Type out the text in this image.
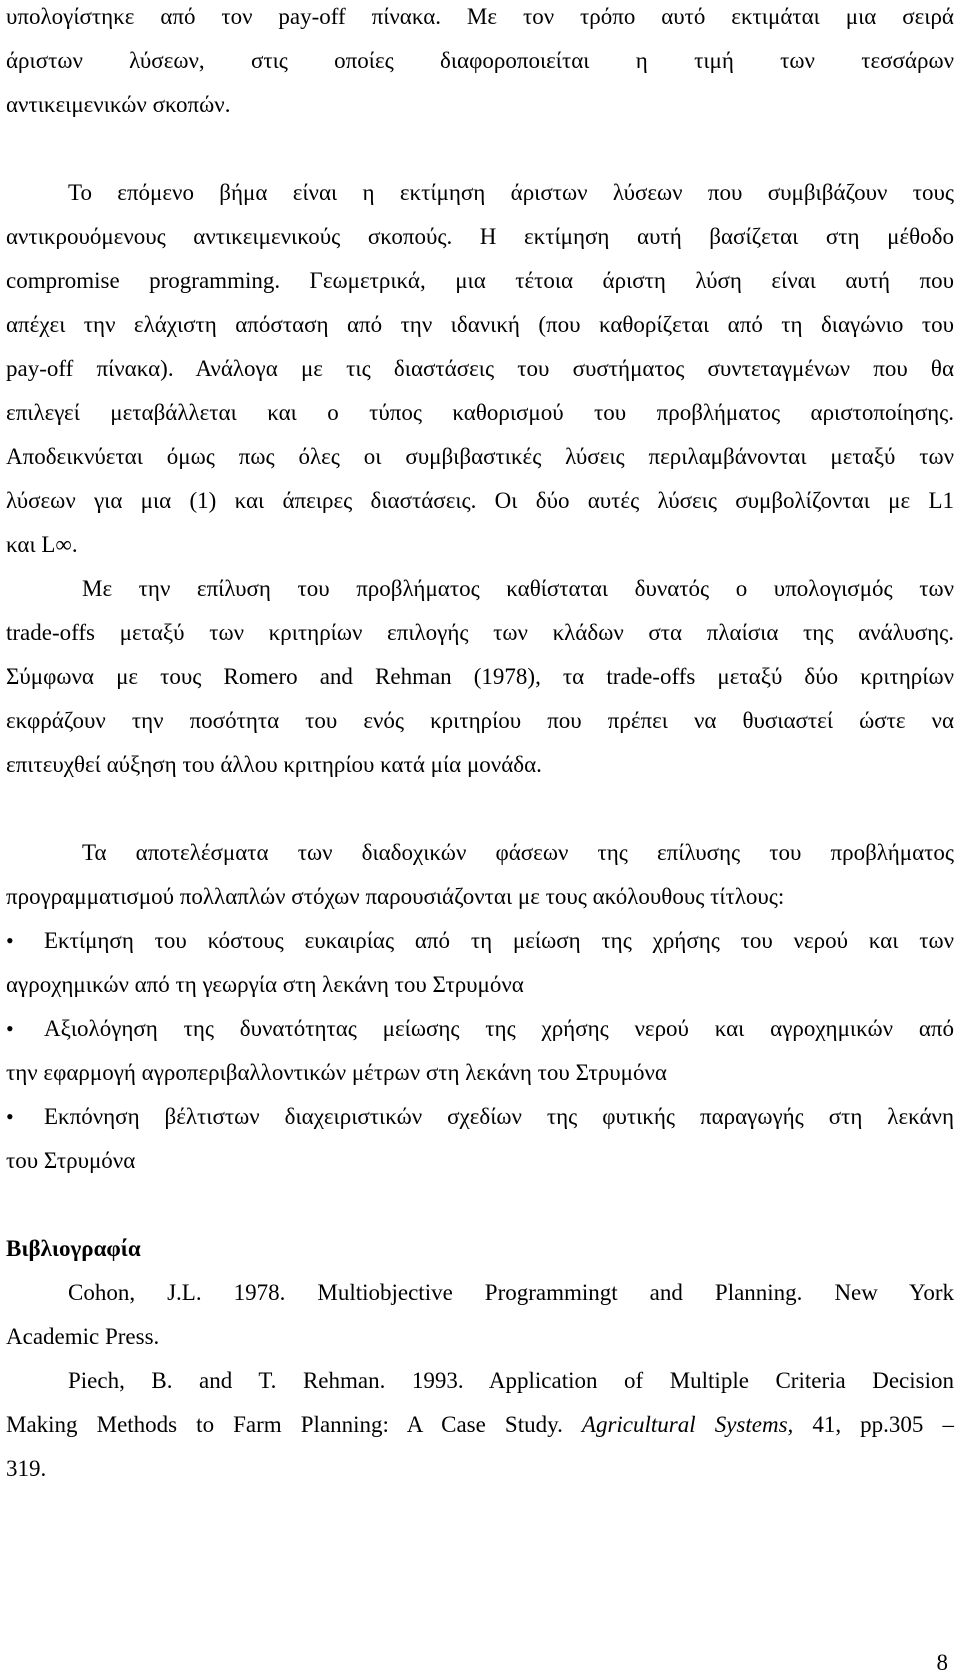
υπολογίστηκε από τον pay-off πίνακα. Με τον τρόπο αυτό εκτιμάται μια σειρά
άριστων λύσεων, στις οποίες διαφοροποιείται η τιμή των τεσσάρων
αντικειμενικών σκοπών.
Το επόμενο βήμα είναι η εκτίμηση άριστων λύσεων που συμβιβάζουν τους
αντικρουόμενους αντικειμενικούς σκοπούς. Η εκτίμηση αυτή βασίζεται στη μέθοδο
compromise programming. Γεωμετρικά, μια τέτοια άριστη λύση είναι αυτή που
απέχει την ελάχιστη απόσταση από την ιδανική (που καθορίζεται από τη διαγώνιο του
pay-off πίνακα). Ανάλογα με τις διαστάσεις του συστήματος συντεταγμένων που θα
επιλεγεί μεταβάλλεται και ο τύπος καθορισμού του προβλήματος αριστοποίησης.
Αποδεικνύεται όμως πως όλες οι συμβιβαστικές λύσεις περιλαμβάνονται μεταξύ των
λύσεων για μια (1) και άπειρες διαστάσεις. Οι δύο αυτές λύσεις συμβολίζονται με L1
και L∞.
Με την επίλυση του προβλήματος καθίσταται δυνατός ο υπολογισμός των
trade-offs μεταξύ των κριτηρίων επιλογής των κλάδων στα πλαίσια της ανάλυσης.
Σύμφωνα με τους Romero and Rehman (1978), τα trade-offs μεταξύ δύο κριτηρίων
εκφράζουν την ποσότητα του ενός κριτηρίου που πρέπει να θυσιαστεί ώστε να
επιτευχθεί αύξηση του άλλου κριτηρίου κατά μία μονάδα.
Τα αποτελέσματα των διαδοχικών φάσεων της επίλυσης του προβλήματος
προγραμματισμού πολλαπλών στόχων παρουσιάζονται με τους ακόλουθους τίτλους:
•	Εκτίμηση του κόστους ευκαιρίας από τη μείωση της χρήσης του νερού και των
αγροχημικών από τη γεωργία στη λεκάνη του Στρυμόνα
•	Αξιολόγηση της δυνατότητας μείωσης της χρήσης νερού και αγροχημικών από
την εφαρμογή αγροπεριβαλλοντικών μέτρων στη λεκάνη του Στρυμόνα
•	Εκπόνηση βέλτιστων διαχειριστικών σχεδίων της φυτικής παραγωγής στη λεκάνη
του Στρυμόνα
Βιβλιογραφία
Cohon, J.L. 1978. Multiobjective Programmingt and Planning. New York
Academic Press.
Piech, B. and T. Rehman. 1993. Application of Multiple Criteria Decision
Making Methods to Farm Planning: A Case Study. Agricultural Systems, 41, pp.305 –
319.
8
